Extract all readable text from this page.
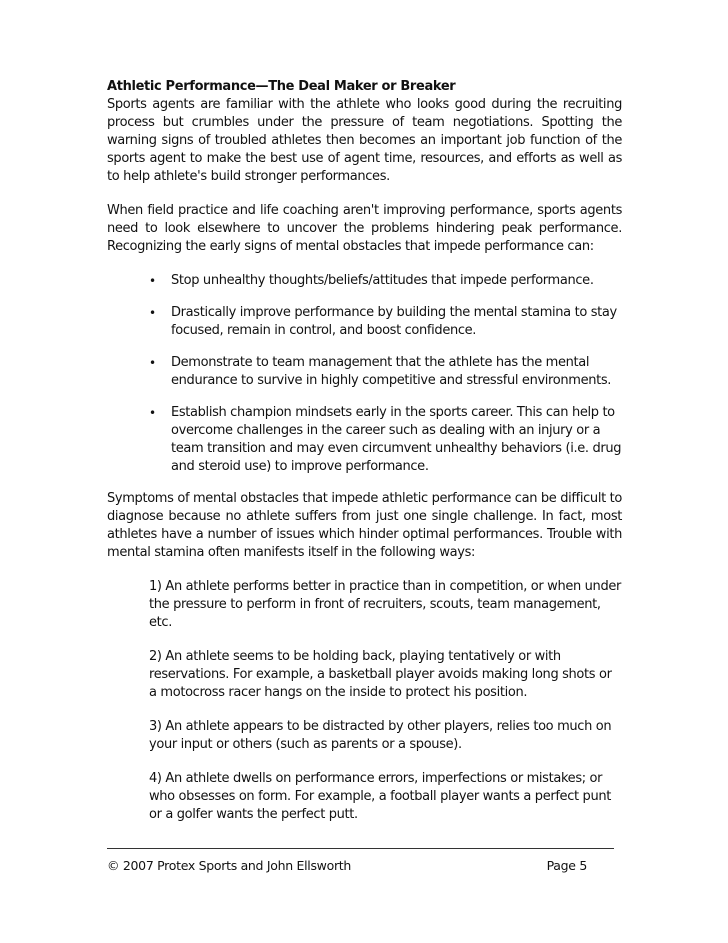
Athletic Performance—The Deal Maker or Breaker

Sports agents are familiar with the athlete who looks good during the recruiting process but crumbles under the pressure of team negotiations. Spotting the warning signs of troubled athletes then becomes an important job function of the sports agent to make the best use of agent time, resources, and efforts as well as to help athlete's build stronger performances.

When field practice and life coaching aren't improving performance, sports agents need to look elsewhere to uncover the problems hindering peak performance. Recognizing the early signs of mental obstacles that impede performance can:

• Stop unhealthy thoughts/beliefs/attitudes that impede performance.
• Drastically improve performance by building the mental stamina to stay focused, remain in control, and boost confidence.
• Demonstrate to team management that the athlete has the mental endurance to survive in highly competitive and stressful environments.
• Establish champion mindsets early in the sports career. This can help to overcome challenges in the career such as dealing with an injury or a team transition and may even circumvent unhealthy behaviors (i.e. drug and steroid use) to improve performance.

Symptoms of mental obstacles that impede athletic performance can be difficult to diagnose because no athlete suffers from just one single challenge. In fact, most athletes have a number of issues which hinder optimal performances. Trouble with mental stamina often manifests itself in the following ways:

1) An athlete performs better in practice than in competition, or when under the pressure to perform in front of recruiters, scouts, team management, etc.
2) An athlete seems to be holding back, playing tentatively or with reservations. For example, a basketball player avoids making long shots or a motocross racer hangs on the inside to protect his position.
3) An athlete appears to be distracted by other players, relies too much on your input or others (such as parents or a spouse).
4) An athlete dwells on performance errors, imperfections or mistakes; or who obsesses on form. For example, a football player wants a perfect punt or a golfer wants the perfect putt.
© 2007 Protex Sports and John Ellsworth	Page 5
